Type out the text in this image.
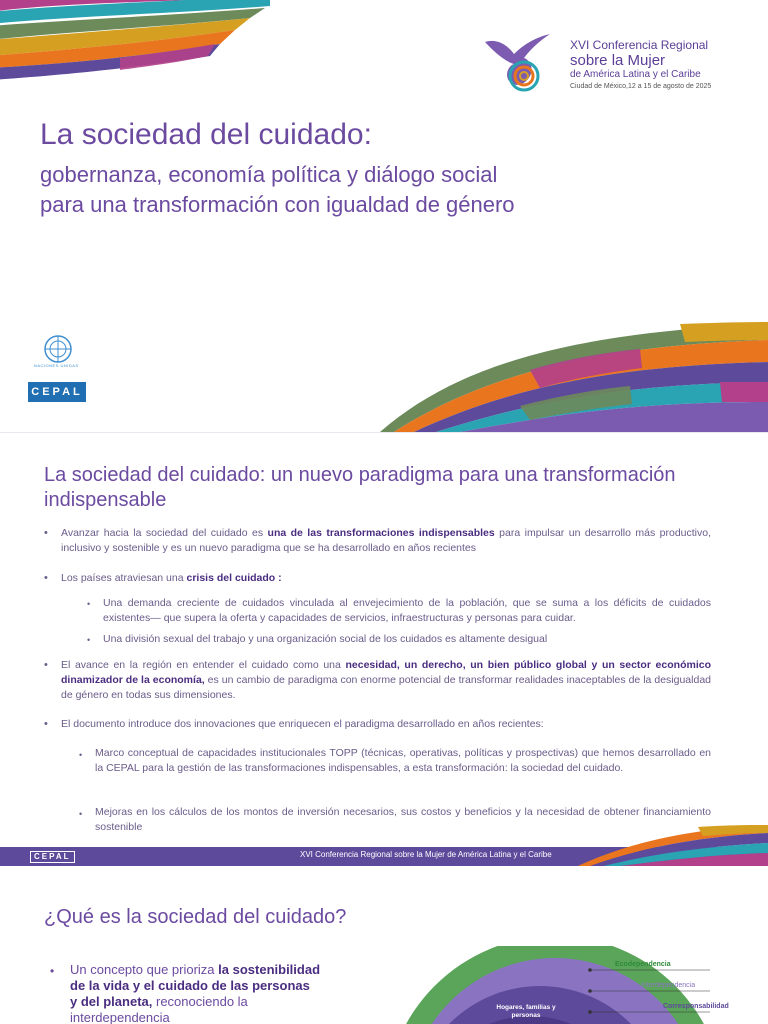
XVI Conferencia Regional
sobre la Mujer
de América Latina y el Caribe
Ciudad de México,12 a 15 de agosto de 2025
La sociedad del cuidado:
gobernanza, economía política y diálogo social
para una transformación con igualdad de género
NACIONES UNIDAS
CEPAL
La sociedad del cuidado: un nuevo paradigma para una transformación indispensable
• Avanzar hacia la sociedad del cuidado es una de las transformaciones indispensables para impulsar un desarrollo más productivo, inclusivo y sostenible y es un nuevo paradigma que se ha desarrollado en años recientes
• Los países atraviesan una crisis del cuidado :
• Una demanda creciente de cuidados vinculada al envejecimiento de la población, que se suma a los déficits de cuidados existentes— que supera la oferta y capacidades de servicios, infraestructuras y personas para cuidar.
• Una división sexual del trabajo y una organización social de los cuidados es altamente desigual
• El avance en la región en entender el cuidado como una necesidad, un derecho, un bien público global y un sector económico dinamizador de la economía, es un cambio de paradigma con enorme potencial de transformar realidades inaceptables de la desigualdad de género en todas sus dimensiones.
• El documento introduce dos innovaciones que enriquecen el paradigma desarrollado en años recientes:
• Marco conceptual de capacidades institucionales TOPP (técnicas, operativas, políticas y prospectivas) que hemos desarrollado en la CEPAL para la gestión de las transformaciones indispensables, a esta transformación: la sociedad del cuidado.
• Mejoras en los cálculos de los montos de inversión necesarios, sus costos y beneficios y la necesidad de obtener financiamiento sostenible
CEPAL	XVI Conferencia Regional sobre la Mujer de América Latina y el Caribe
¿Qué es la sociedad del cuidado?
• Un concepto que prioriza la sostenibilidad de la vida y el cuidado de las personas y del planeta, reconociendo la interdependencia
Ecodependencia
Interdependencia
Corresponsabilidad
Hogares, familias y personas
